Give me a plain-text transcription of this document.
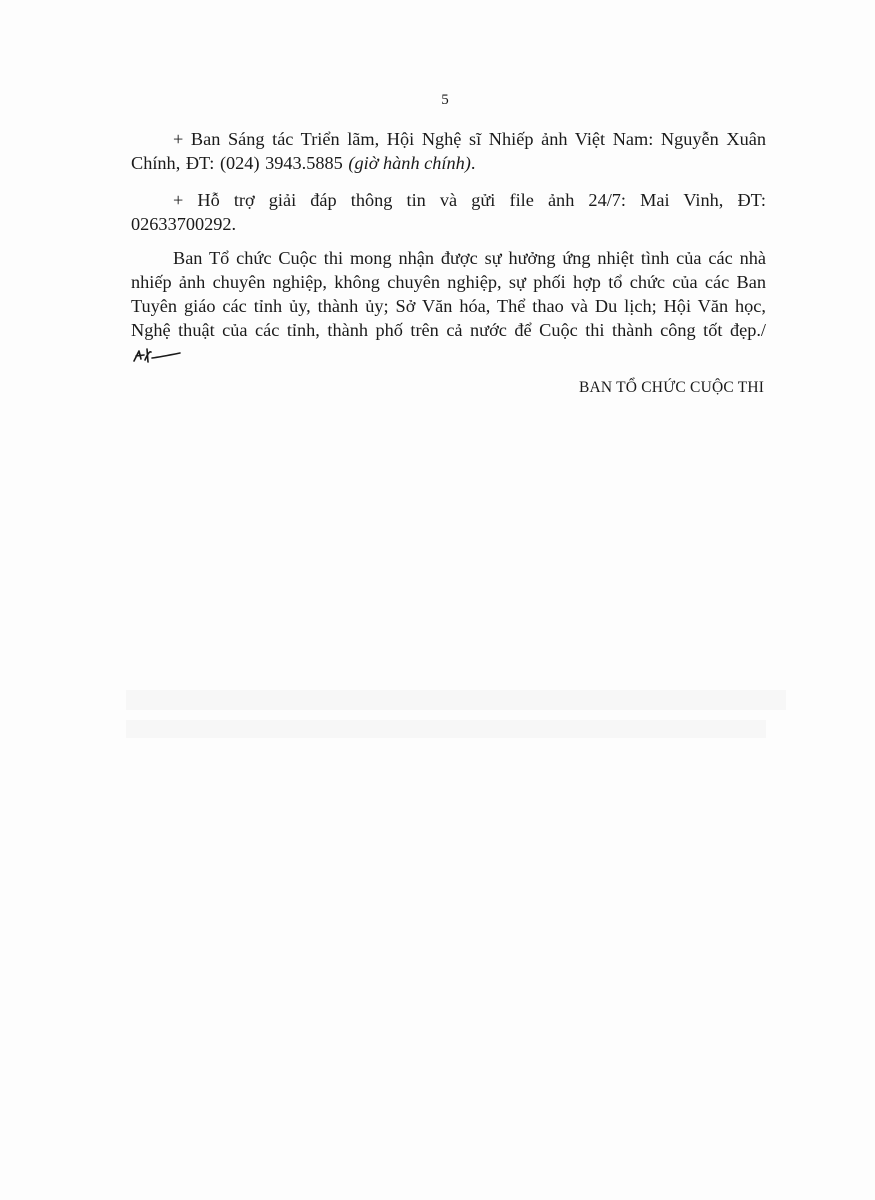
5

+ Ban Sáng tác Triển lãm, Hội Nghệ sĩ Nhiếp ảnh Việt Nam: Nguyễn Xuân Chính, ĐT: (024) 3943.5885 (giờ hành chính).

+ Hỗ trợ giải đáp thông tin và gửi file ảnh 24/7: Mai Vinh, ĐT: 02633700292.

Ban Tổ chức Cuộc thi mong nhận được sự hưởng ứng nhiệt tình của các nhà nhiếp ảnh chuyên nghiệp, không chuyên nghiệp, sự phối hợp tổ chức của các Ban Tuyên giáo các tỉnh ủy, thành ủy; Sở Văn hóa, Thể thao và Du lịch; Hội Văn học, Nghệ thuật của các tỉnh, thành phố trên cả nước để Cuộc thi thành công tốt đẹp./

BAN TỔ CHỨC CUỘC THI
